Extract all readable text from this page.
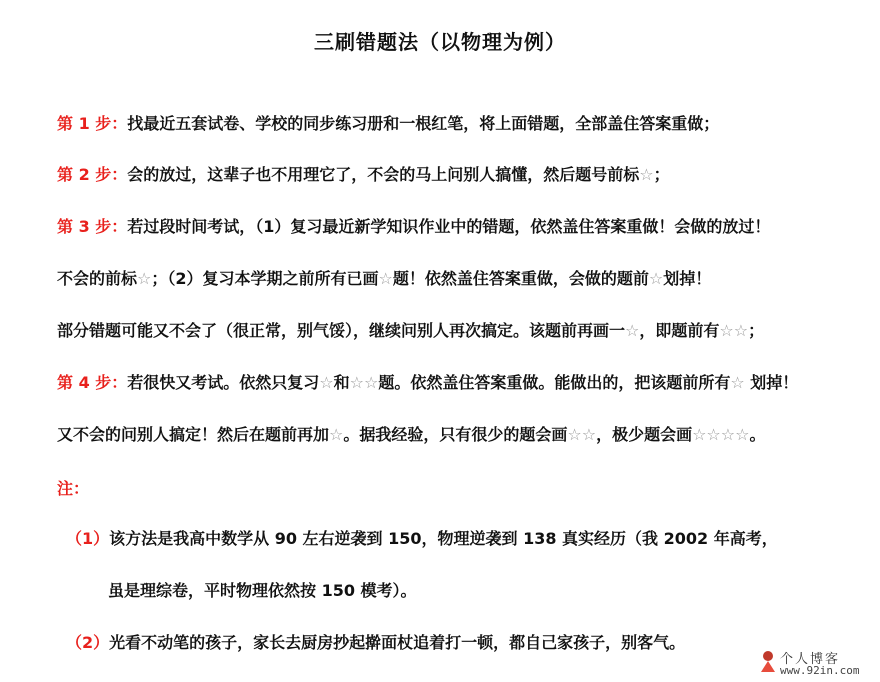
三刷错题法（以物理为例）
第 1 步：找最近五套试卷、学校的同步练习册和一根红笔，将上面错题，全部盖住答案重做；
第 2 步：会的放过，这辈子也不用理它了，不会的马上问别人搞懂，然后题号前标☆；
第 3 步：若过段时间考试，（1）复习最近新学知识作业中的错题，依然盖住答案重做！会做的放过！
不会的前标☆；（2）复习本学期之前所有已画☆题！依然盖住答案重做，会做的题前☆划掉！
部分错题可能又不会了（很正常，别气馁），继续问别人再次搞定。该题前再画一☆，即题前有☆☆；
第 4 步：若很快又考试。依然只复习☆和☆☆题。依然盖住答案重做。能做出的，把该题前所有☆ 划掉！
又不会的问别人搞定！然后在题前再加☆。据我经验，只有很少的题会画☆☆，极少题会画☆☆☆☆。
注：
（1）该方法是我高中数学从 90 左右逆袭到 150，物理逆袭到 138 真实经历（我 2002 年高考，
虽是理综卷，平时物理依然按 150 模考）。
（2）光看不动笔的孩子，家长去厨房抄起擀面杖追着打一顿，都自己家孩子，别客气。
个人博客
www.92in.com
